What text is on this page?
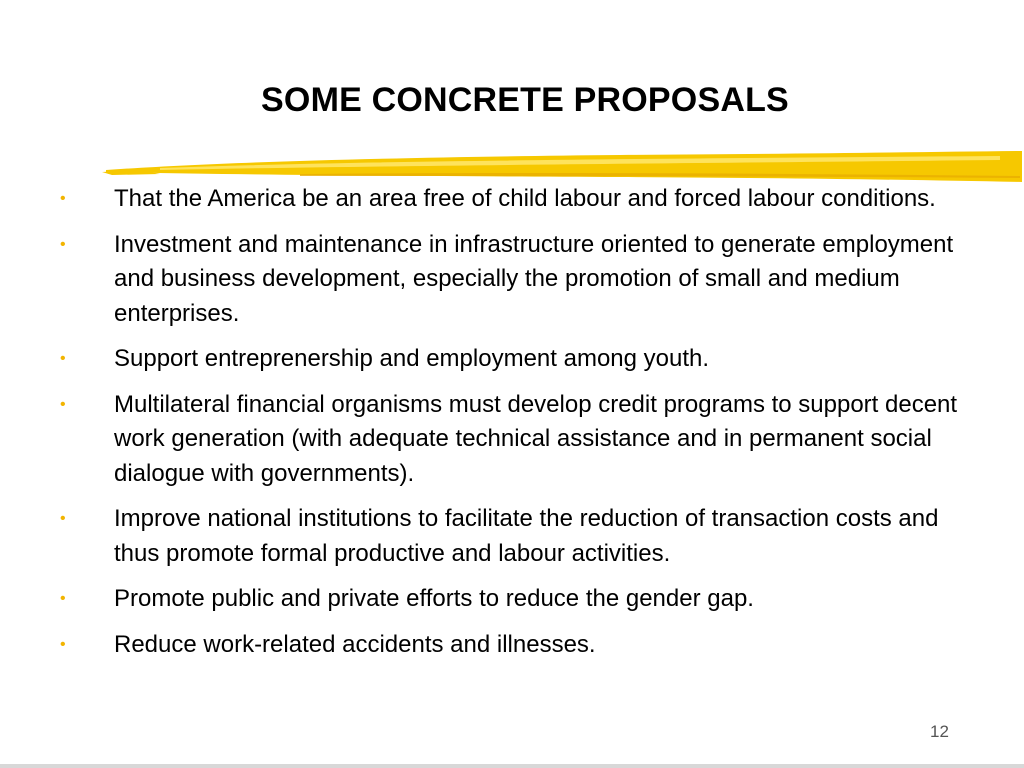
SOME CONCRETE PROPOSALS
•	That the America be an area free of child labour and forced labour conditions.
•	Investment and maintenance in infrastructure oriented to generate employment and business development, especially the promotion of small and medium enterprises.
•	Support entreprenership and employment among youth.
•	Multilateral financial organisms must develop credit programs to support decent work generation (with adequate technical assistance and in permanent social dialogue with governments).
•	Improve national institutions to facilitate the reduction of transaction costs and thus promote formal productive and labour activities.
•	Promote public and private efforts to reduce the gender gap.
•	Reduce work-related accidents and illnesses.
12
